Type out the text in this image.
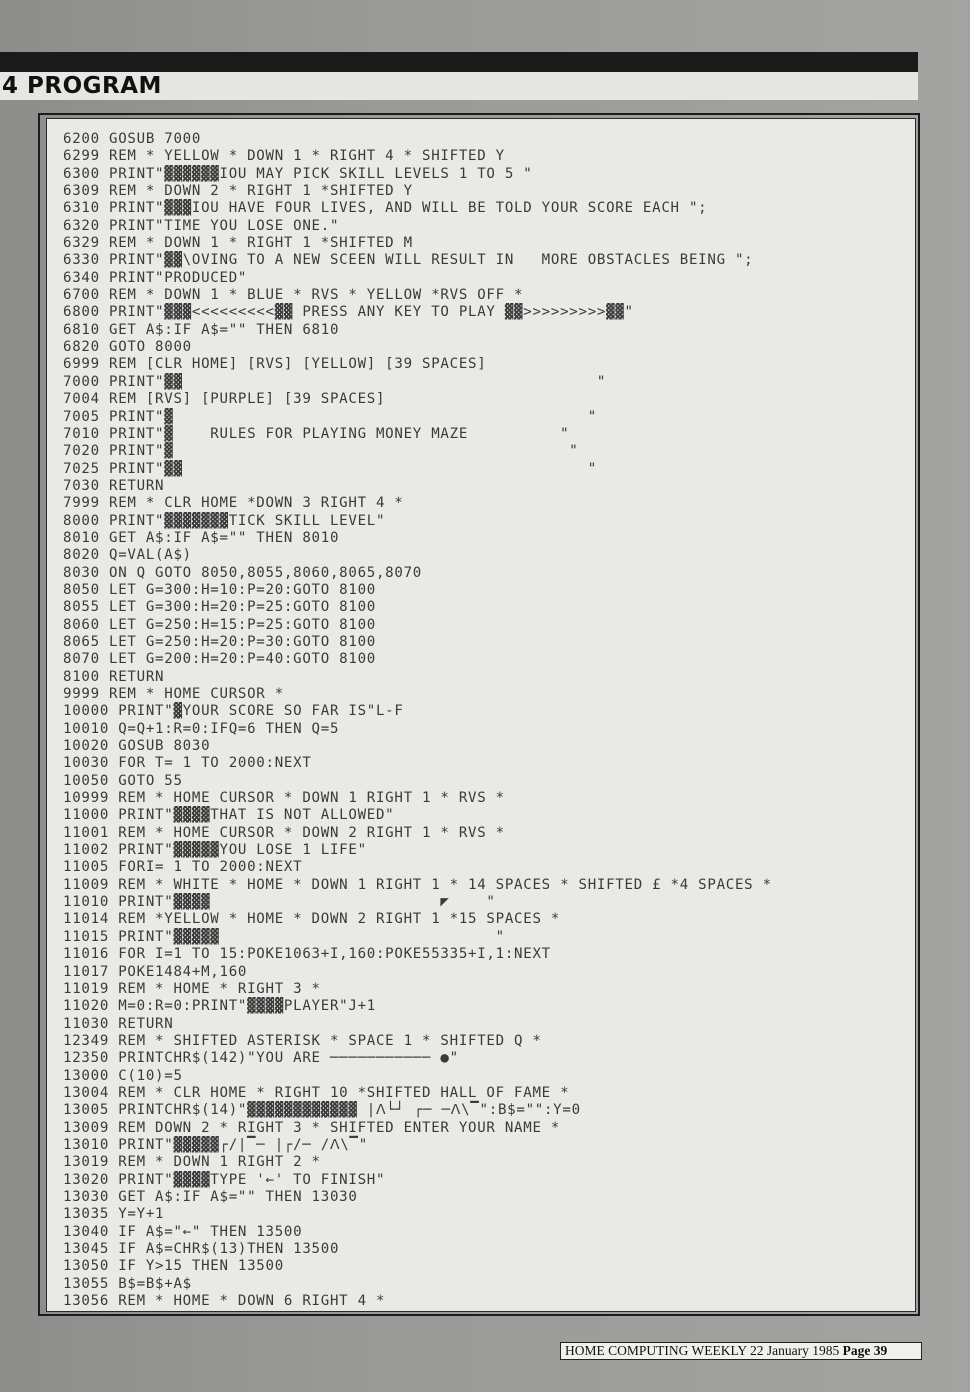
4 PROGRAM
6200 GOSUB 7000
6299 REM * YELLOW * DOWN 1 * RIGHT 4 * SHIFTED Y
6300 PRINT"▓▓▓▓▓▓IOU MAY PICK SKILL LEVELS 1 TO 5 "
6309 REM * DOWN 2 * RIGHT 1 *SHIFTED Y
6310 PRINT"▓▓▓IOU HAVE FOUR LIVES, AND WILL BE TOLD YOUR SCORE EACH ";
6320 PRINT"TIME YOU LOSE ONE."
6329 REM * DOWN 1 * RIGHT 1 *SHIFTED M
6330 PRINT"▓▓\OVING TO A NEW SCEEN WILL RESULT IN   MORE OBSTACLES BEING ";
6340 PRINT"PRODUCED"
6700 REM * DOWN 1 * BLUE * RVS * YELLOW *RVS OFF *
6800 PRINT"▓▓▓<<<<<<<<<▓▓ PRESS ANY KEY TO PLAY ▓▓>>>>>>>>>▓▓"
6810 GET A$:IF A$="" THEN 6810
6820 GOTO 8000
6999 REM [CLR HOME] [RVS] [YELLOW] [39 SPACES]
7000 PRINT"▓▓                                             "
7004 REM [RVS] [PURPLE] [39 SPACES]
7005 PRINT"▓                                             "
7010 PRINT"▓    RULES FOR PLAYING MONEY MAZE          "
7020 PRINT"▓                                           "
7025 PRINT"▓▓                                            "
7030 RETURN
7999 REM * CLR HOME *DOWN 3 RIGHT 4 *
8000 PRINT"▓▓▓▓▓▓▓TICK SKILL LEVEL"
8010 GET A$:IF A$="" THEN 8010
8020 Q=VAL(A$)
8030 ON Q GOTO 8050,8055,8060,8065,8070
8050 LET G=300:H=10:P=20:GOTO 8100
8055 LET G=300:H=20:P=25:GOTO 8100
8060 LET G=250:H=15:P=25:GOTO 8100
8065 LET G=250:H=20:P=30:GOTO 8100
8070 LET G=200:H=20:P=40:GOTO 8100
8100 RETURN
9999 REM * HOME CURSOR *
10000 PRINT"▓YOUR SCORE SO FAR IS"L-F
10010 Q=Q+1:R=0:IFQ=6 THEN Q=5
10020 GOSUB 8030
10030 FOR T= 1 TO 2000:NEXT
10050 GOTO 55
10999 REM * HOME CURSOR * DOWN 1 RIGHT 1 * RVS *
11000 PRINT"▓▓▓▓THAT IS NOT ALLOWED"
11001 REM * HOME CURSOR * DOWN 2 RIGHT 1 * RVS *
11002 PRINT"▓▓▓▓▓YOU LOSE 1 LIFE"
11005 FORI= 1 TO 2000:NEXT
11009 REM * WHITE * HOME * DOWN 1 RIGHT 1 * 14 SPACES * SHIFTED £ *4 SPACES *
11010 PRINT"▓▓▓▓                         ◤    "
11014 REM *YELLOW * HOME * DOWN 2 RIGHT 1 *15 SPACES *
11015 PRINT"▓▓▓▓▓                              "
11016 FOR I=1 TO 15:POKE1063+I,160:POKE55335+I,1:NEXT
11017 POKE1484+M,160
11019 REM * HOME * RIGHT 3 *
11020 M=0:R=0:PRINT"▓▓▓▓PLAYER"J+1
11030 RETURN
12349 REM * SHIFTED ASTERISK * SPACE 1 * SHIFTED Q *
12350 PRINTCHR$(142)"YOU ARE ─────────── ●"
13000 C(10)=5
13004 REM * CLR HOME * RIGHT 10 *SHIFTED HALL OF FAME *
13005 PRINTCHR$(14)"▓▓▓▓▓▓▓▓▓▓▓▓ |ᐱ└┘ ┌─ ─ᐱ\▔":B$="":Y=0
13009 REM DOWN 2 * RIGHT 3 * SHIFTED ENTER YOUR NAME *
13010 PRINT"▓▓▓▓▓┌/|▔─ |┌/─ /ᐱ\▔"
13019 REM * DOWN 1 RIGHT 2 *
13020 PRINT"▓▓▓▓TYPE '←' TO FINISH"
13030 GET A$:IF A$="" THEN 13030
13035 Y=Y+1
13040 IF A$="←" THEN 13500
13045 IF A$=CHR$(13)THEN 13500
13050 IF Y>15 THEN 13500
13055 B$=B$+A$
13056 REM * HOME * DOWN 6 RIGHT 4 *
HOME COMPUTING WEEKLY 22 January 1985 Page 39
